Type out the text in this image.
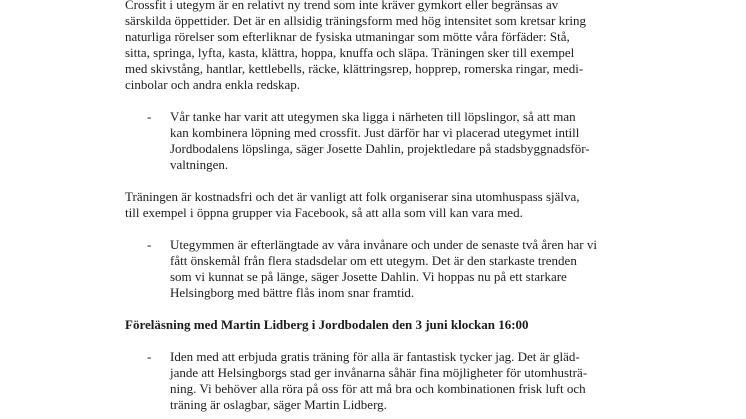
Crossfit i utegym är en relativt ny trend som inte kräver gymkort eller begränsas av
särskilda öppettider. Det är en allsidig träningsform med hög intensitet som kretsar kring
naturliga rörelser som efterliknar de fysiska utmaningar som mötte våra förfäder: Stå,
sitta, springa, lyfta, kasta, klättra, hoppa, knuffa och släpa. Träningen sker till exempel
med skivstång, hantlar, kettlebells, räcke, klättringsrep, hopprep, romerska ringar, medi-
cinbolar och andra enkla redskap.
- Vår tanke har varit att utegymen ska ligga i närheten till löpslingor, så att man
kan kombinera löpning med crossfit. Just därför har vi placerad utegymet intill
Jordbodalens löpslinga, säger Josette Dahlin, projektledare på stadsbyggnadsför-
valtningen.
Träningen är kostnadsfri och det är vanligt att folk organiserar sina utomhuspass själva,
till exempel i öppna grupper via Facebook, så att alla som vill kan vara med.
- Utegymmen är efterlängtade av våra invånare och under de senaste två åren har vi
fått önskemål från flera stadsdelar om ett utegym. Det är den starkaste trenden
som vi kunnat se på länge, säger Josette Dahlin. Vi hoppas nu på ett starkare
Helsingborg med bättre flås inom snar framtid.
Föreläsning med Martin Lidberg i Jordbodalen den 3 juni klockan 16:00
- Iden med att erbjuda gratis träning för alla är fantastisk tycker jag. Det är gläd-
jande att Helsingborgs stad ger invånarna såhär fina möjligheter för utomhusträ-
ning. Vi behöver alla röra på oss för att må bra och kombinationen frisk luft och
träning är oslagbar, säger Martin Lidberg.
